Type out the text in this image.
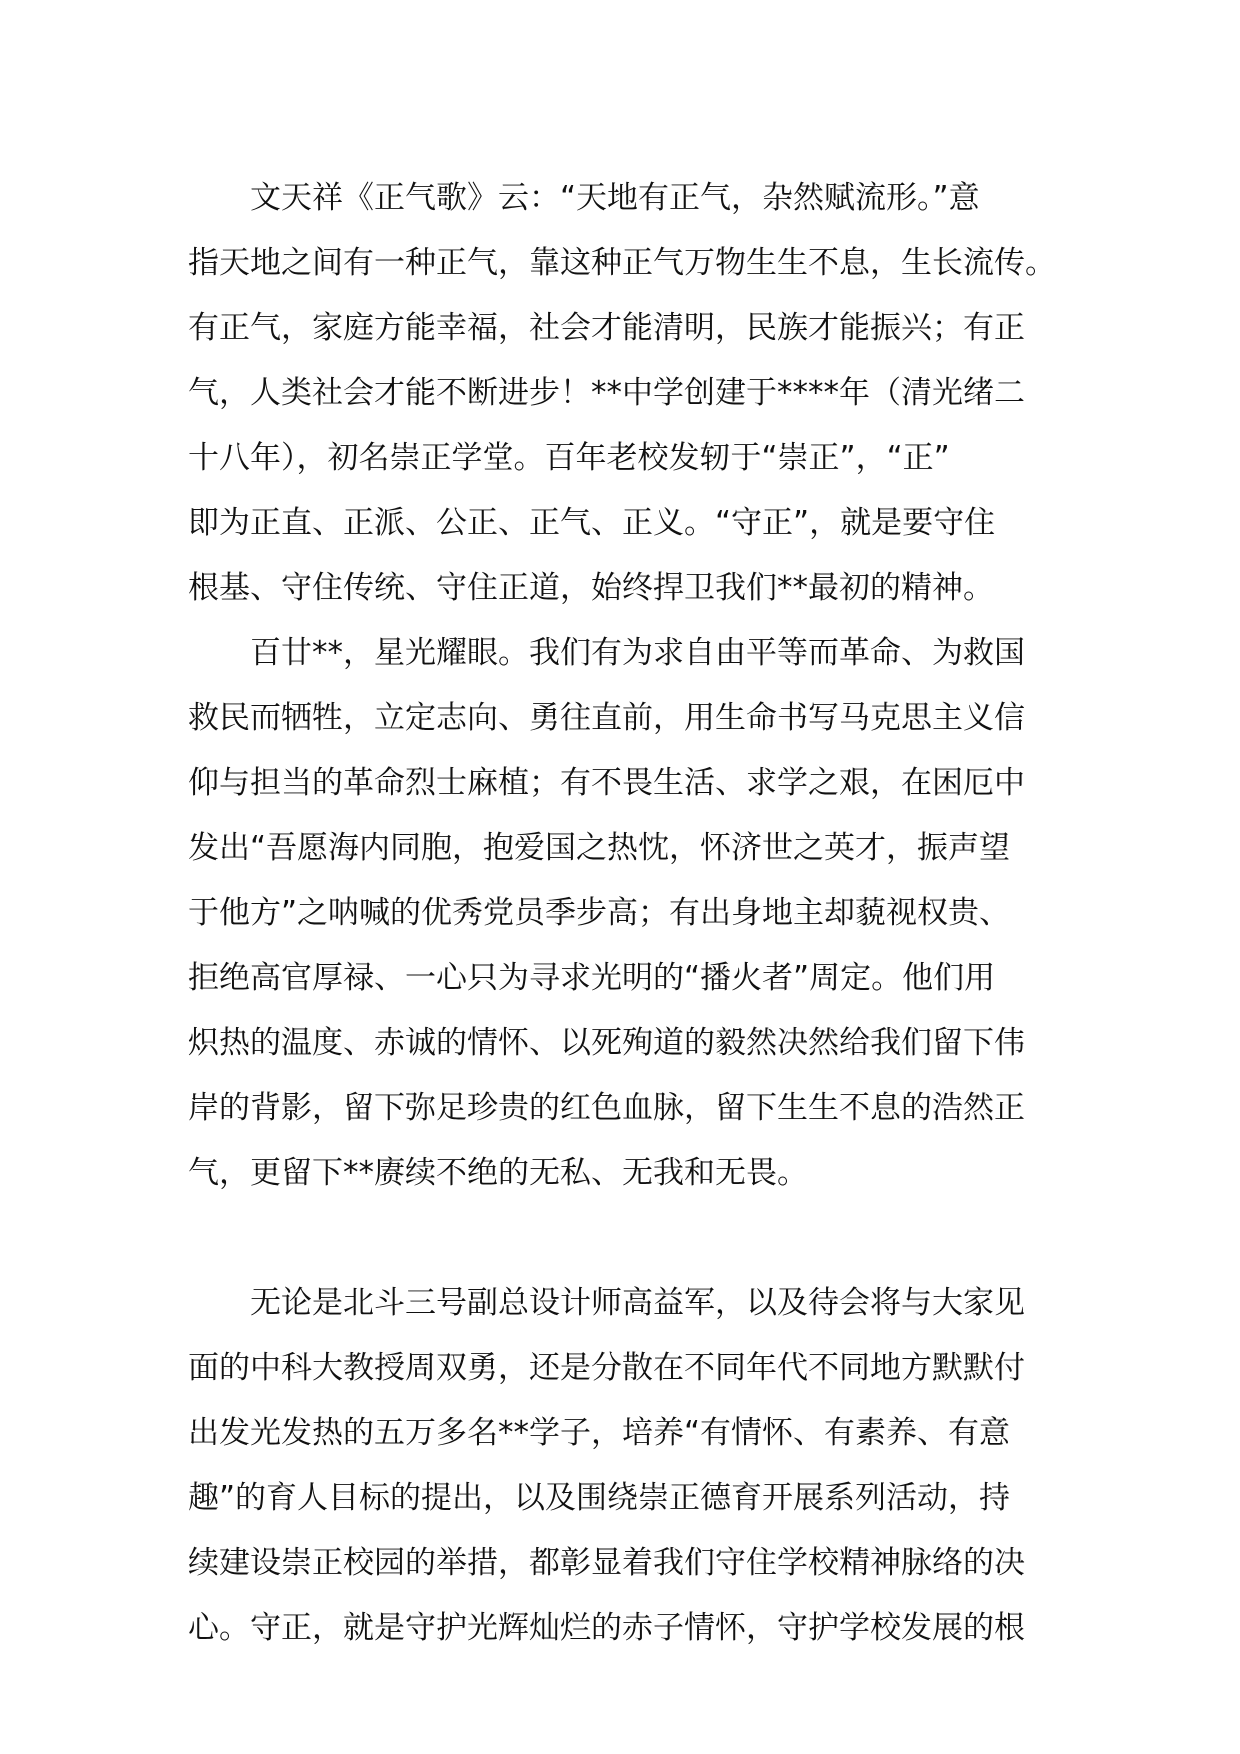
文天祥《正气歌》云：“天地有正气，杂然赋流形。”意
指天地之间有一种正气，靠这种正气万物生生不息，生长流传。
有正气，家庭方能幸福，社会才能清明，民族才能振兴；有正
气，人类社会才能不断进步！**中学创建于****年（清光绪二
十八年），初名崇正学堂。百年老校发轫于“崇正”，“正”
即为正直、正派、公正、正气、正义。“守正”，就是要守住
根基、守住传统、守住正道，始终捍卫我们**最初的精神。
百廿**，星光耀眼。我们有为求自由平等而革命、为救国
救民而牺牲，立定志向、勇往直前，用生命书写马克思主义信
仰与担当的革命烈士麻植；有不畏生活、求学之艰，在困厄中
发出“吾愿海内同胞，抱爱国之热忱，怀济世之英才，振声望
于他方”之呐喊的优秀党员季步高；有出身地主却藐视权贵、
拒绝高官厚禄、一心只为寻求光明的“播火者”周定。他们用
炽热的温度、赤诚的情怀、以死殉道的毅然决然给我们留下伟
岸的背影，留下弥足珍贵的红色血脉，留下生生不息的浩然正
气，更留下**赓续不绝的无私、无我和无畏。
无论是北斗三号副总设计师高益军，以及待会将与大家见
面的中科大教授周双勇，还是分散在不同年代不同地方默默付
出发光发热的五万多名**学子，培养“有情怀、有素养、有意
趣”的育人目标的提出，以及围绕崇正德育开展系列活动，持
续建设崇正校园的举措，都彰显着我们守住学校精神脉络的决
心。守正，就是守护光辉灿烂的赤子情怀，守护学校发展的根
